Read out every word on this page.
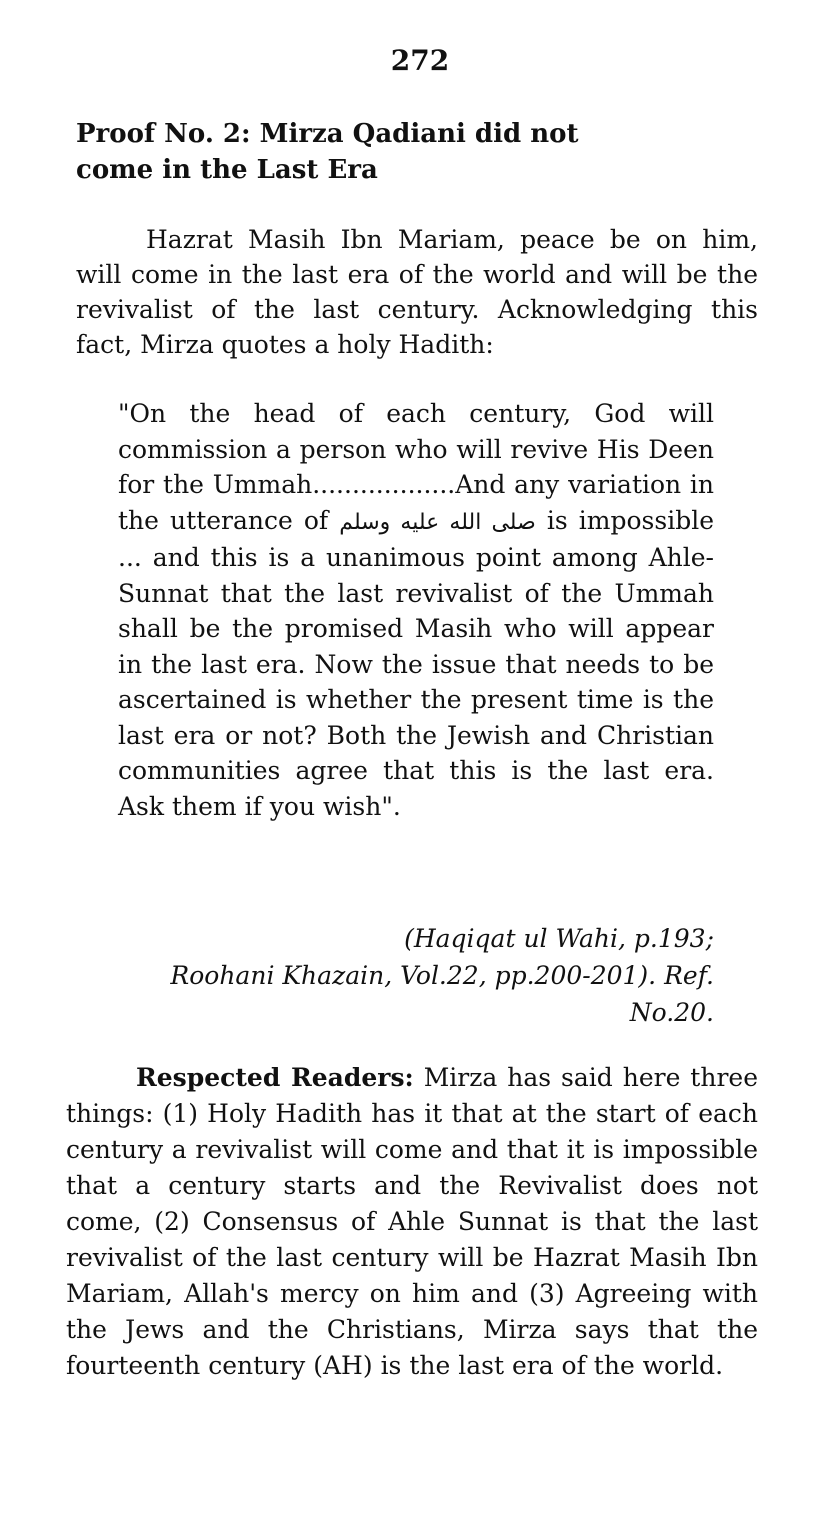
272
Proof No. 2: Mirza Qadiani did not
come in the Last Era

Hazrat Masih Ibn Mariam, peace be on him, will come in the last era of the world and will be the revivalist of the last century. Acknowledging this fact, Mirza quotes a holy Hadith:

"On the head of each century, God will commission a person who will revive His Deen for the Ummah..................And any variation in the utterance of صلى الله عليه وسلم is impossible ... and this is a unanimous point among Ahle-Sunnat that the last revivalist of the Ummah shall be the promised Masih who will appear in the last era. Now the issue that needs to be ascertained is whether the present time is the last era or not? Both the Jewish and Christian communities agree that this is the last era. Ask them if you wish".

(Haqiqat ul Wahi, p.193;
Roohani Khazain, Vol.22, pp.200-201). Ref.
No.20.

Respected Readers: Mirza has said here three things: (1) Holy Hadith has it that at the start of each century a revivalist will come and that it is impossible that a century starts and the Revivalist does not come, (2) Consensus of Ahle Sunnat is that the last revivalist of the last century will be Hazrat Masih Ibn Mariam, Allah's mercy on him and (3) Agreeing with the Jews and the Christians, Mirza says that the fourteenth century (AH) is the last era of the world.
